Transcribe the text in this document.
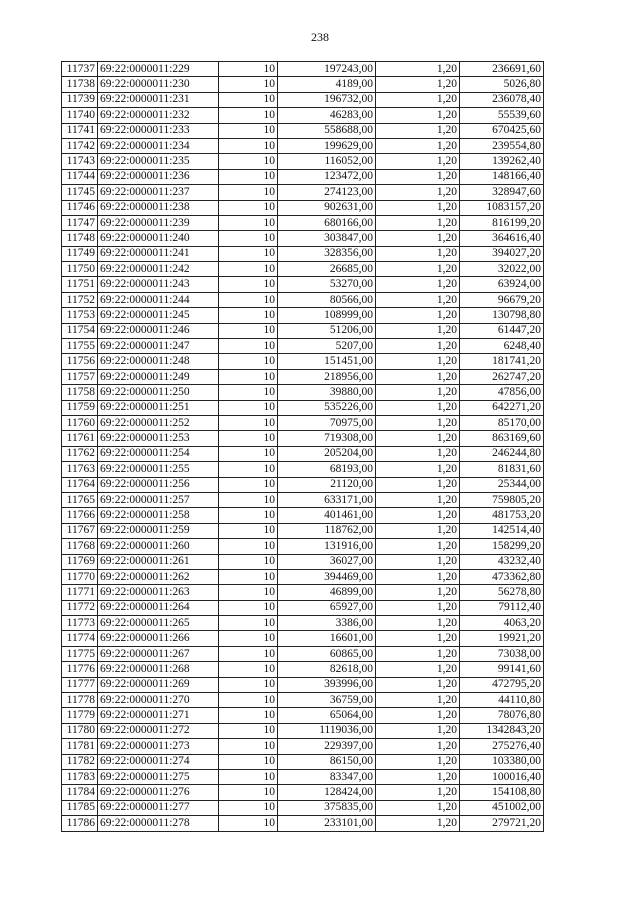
238
11737	69:22:0000011:229	10	197243,00	1,20	236691,60
11738	69:22:0000011:230	10	4189,00	1,20	5026,80
11739	69:22:0000011:231	10	196732,00	1,20	236078,40
11740	69:22:0000011:232	10	46283,00	1,20	55539,60
11741	69:22:0000011:233	10	558688,00	1,20	670425,60
11742	69:22:0000011:234	10	199629,00	1,20	239554,80
11743	69:22:0000011:235	10	116052,00	1,20	139262,40
11744	69:22:0000011:236	10	123472,00	1,20	148166,40
11745	69:22:0000011:237	10	274123,00	1,20	328947,60
11746	69:22:0000011:238	10	902631,00	1,20	1083157,20
11747	69:22:0000011:239	10	680166,00	1,20	816199,20
11748	69:22:0000011:240	10	303847,00	1,20	364616,40
11749	69:22:0000011:241	10	328356,00	1,20	394027,20
11750	69:22:0000011:242	10	26685,00	1,20	32022,00
11751	69:22:0000011:243	10	53270,00	1,20	63924,00
11752	69:22:0000011:244	10	80566,00	1,20	96679,20
11753	69:22:0000011:245	10	108999,00	1,20	130798,80
11754	69:22:0000011:246	10	51206,00	1,20	61447,20
11755	69:22:0000011:247	10	5207,00	1,20	6248,40
11756	69:22:0000011:248	10	151451,00	1,20	181741,20
11757	69:22:0000011:249	10	218956,00	1,20	262747,20
11758	69:22:0000011:250	10	39880,00	1,20	47856,00
11759	69:22:0000011:251	10	535226,00	1,20	642271,20
11760	69:22:0000011:252	10	70975,00	1,20	85170,00
11761	69:22:0000011:253	10	719308,00	1,20	863169,60
11762	69:22:0000011:254	10	205204,00	1,20	246244,80
11763	69:22:0000011:255	10	68193,00	1,20	81831,60
11764	69:22:0000011:256	10	21120,00	1,20	25344,00
11765	69:22:0000011:257	10	633171,00	1,20	759805,20
11766	69:22:0000011:258	10	401461,00	1,20	481753,20
11767	69:22:0000011:259	10	118762,00	1,20	142514,40
11768	69:22:0000011:260	10	131916,00	1,20	158299,20
11769	69:22:0000011:261	10	36027,00	1,20	43232,40
11770	69:22:0000011:262	10	394469,00	1,20	473362,80
11771	69:22:0000011:263	10	46899,00	1,20	56278,80
11772	69:22:0000011:264	10	65927,00	1,20	79112,40
11773	69:22:0000011:265	10	3386,00	1,20	4063,20
11774	69:22:0000011:266	10	16601,00	1,20	19921,20
11775	69:22:0000011:267	10	60865,00	1,20	73038,00
11776	69:22:0000011:268	10	82618,00	1,20	99141,60
11777	69:22:0000011:269	10	393996,00	1,20	472795,20
11778	69:22:0000011:270	10	36759,00	1,20	44110,80
11779	69:22:0000011:271	10	65064,00	1,20	78076,80
11780	69:22:0000011:272	10	1119036,00	1,20	1342843,20
11781	69:22:0000011:273	10	229397,00	1,20	275276,40
11782	69:22:0000011:274	10	86150,00	1,20	103380,00
11783	69:22:0000011:275	10	83347,00	1,20	100016,40
11784	69:22:0000011:276	10	128424,00	1,20	154108,80
11785	69:22:0000011:277	10	375835,00	1,20	451002,00
11786	69:22:0000011:278	10	233101,00	1,20	279721,20
